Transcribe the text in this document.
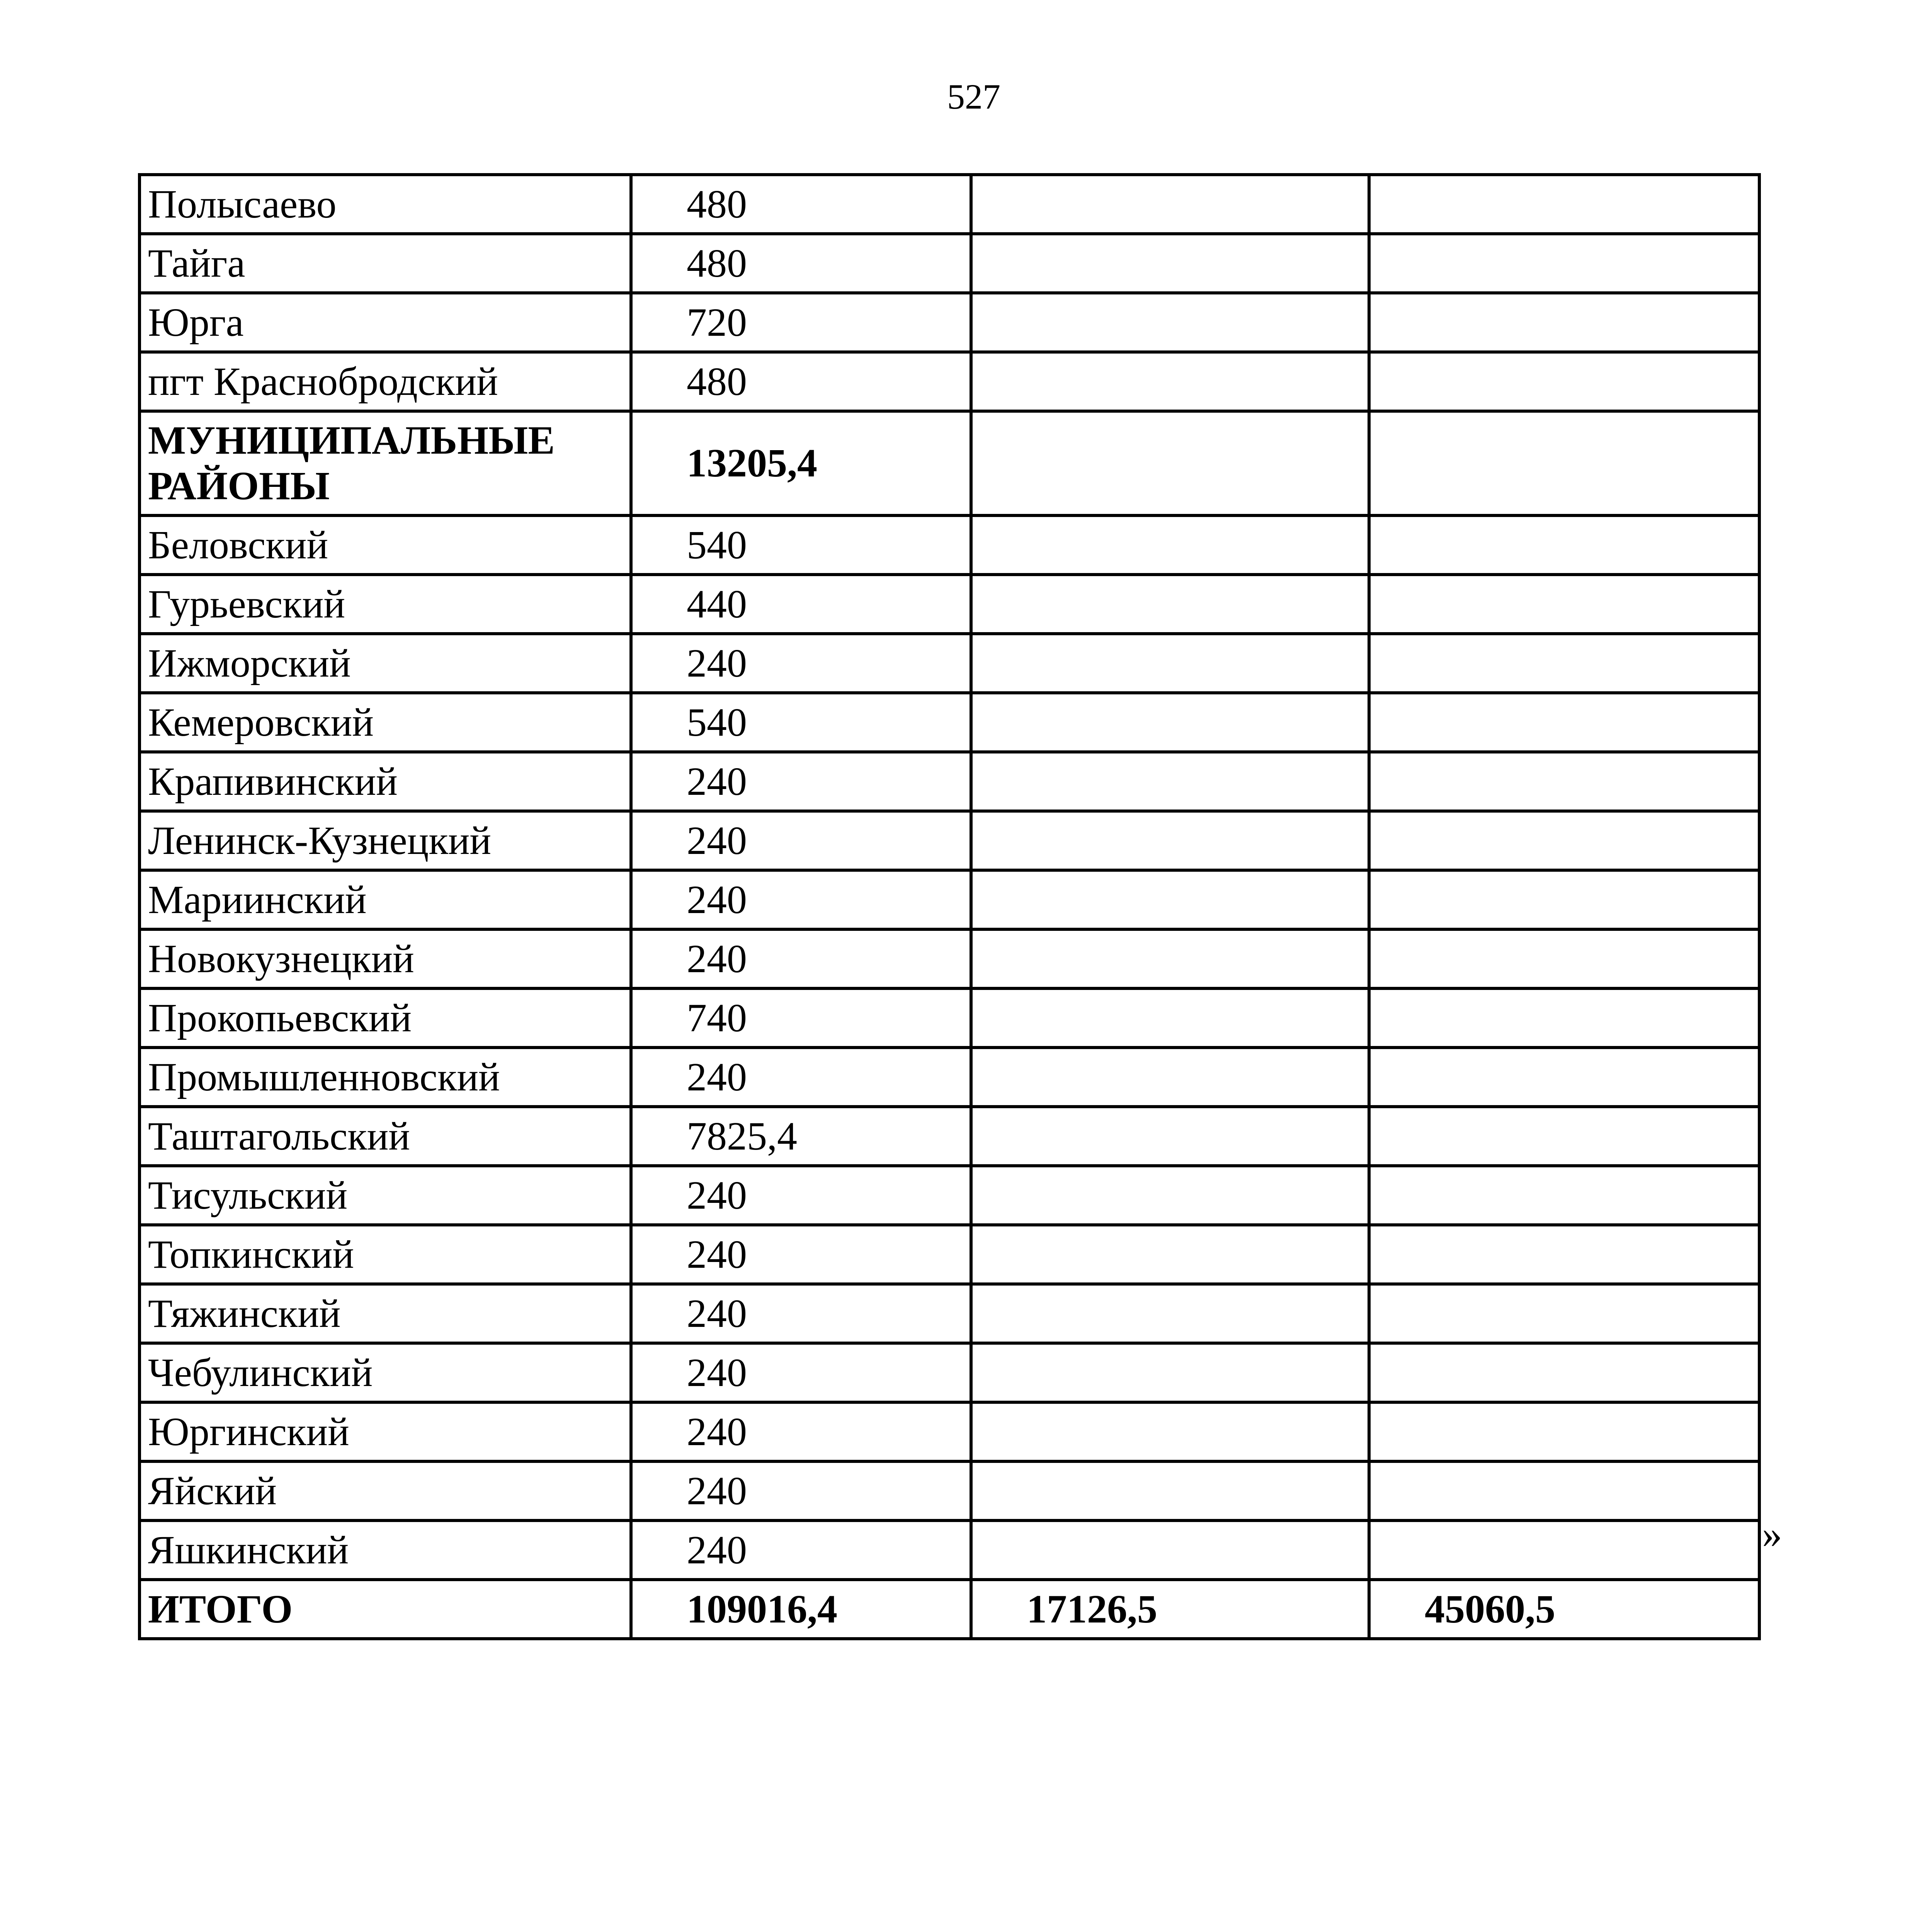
527
Полысаево	480		
Тайга	480		
Юрга	720		
пгт Краснобродский	480		
МУНИЦИПАЛЬНЫЕ РАЙОНЫ	13205,4		
Беловский	540		
Гурьевский	440		
Ижморский	240		
Кемеровский	540		
Крапивинский	240		
Ленинск-Кузнецкий	240		
Мариинский	240		
Новокузнецкий	240		
Прокопьевский	740		
Промышленновский	240		
Таштагольский	7825,4		
Тисульский	240		
Топкинский	240		
Тяжинский	240		
Чебулинский	240		
Юргинский	240		
Яйский	240		
Яшкинский	240		
ИТОГО	109016,4	17126,5	45060,5
»
